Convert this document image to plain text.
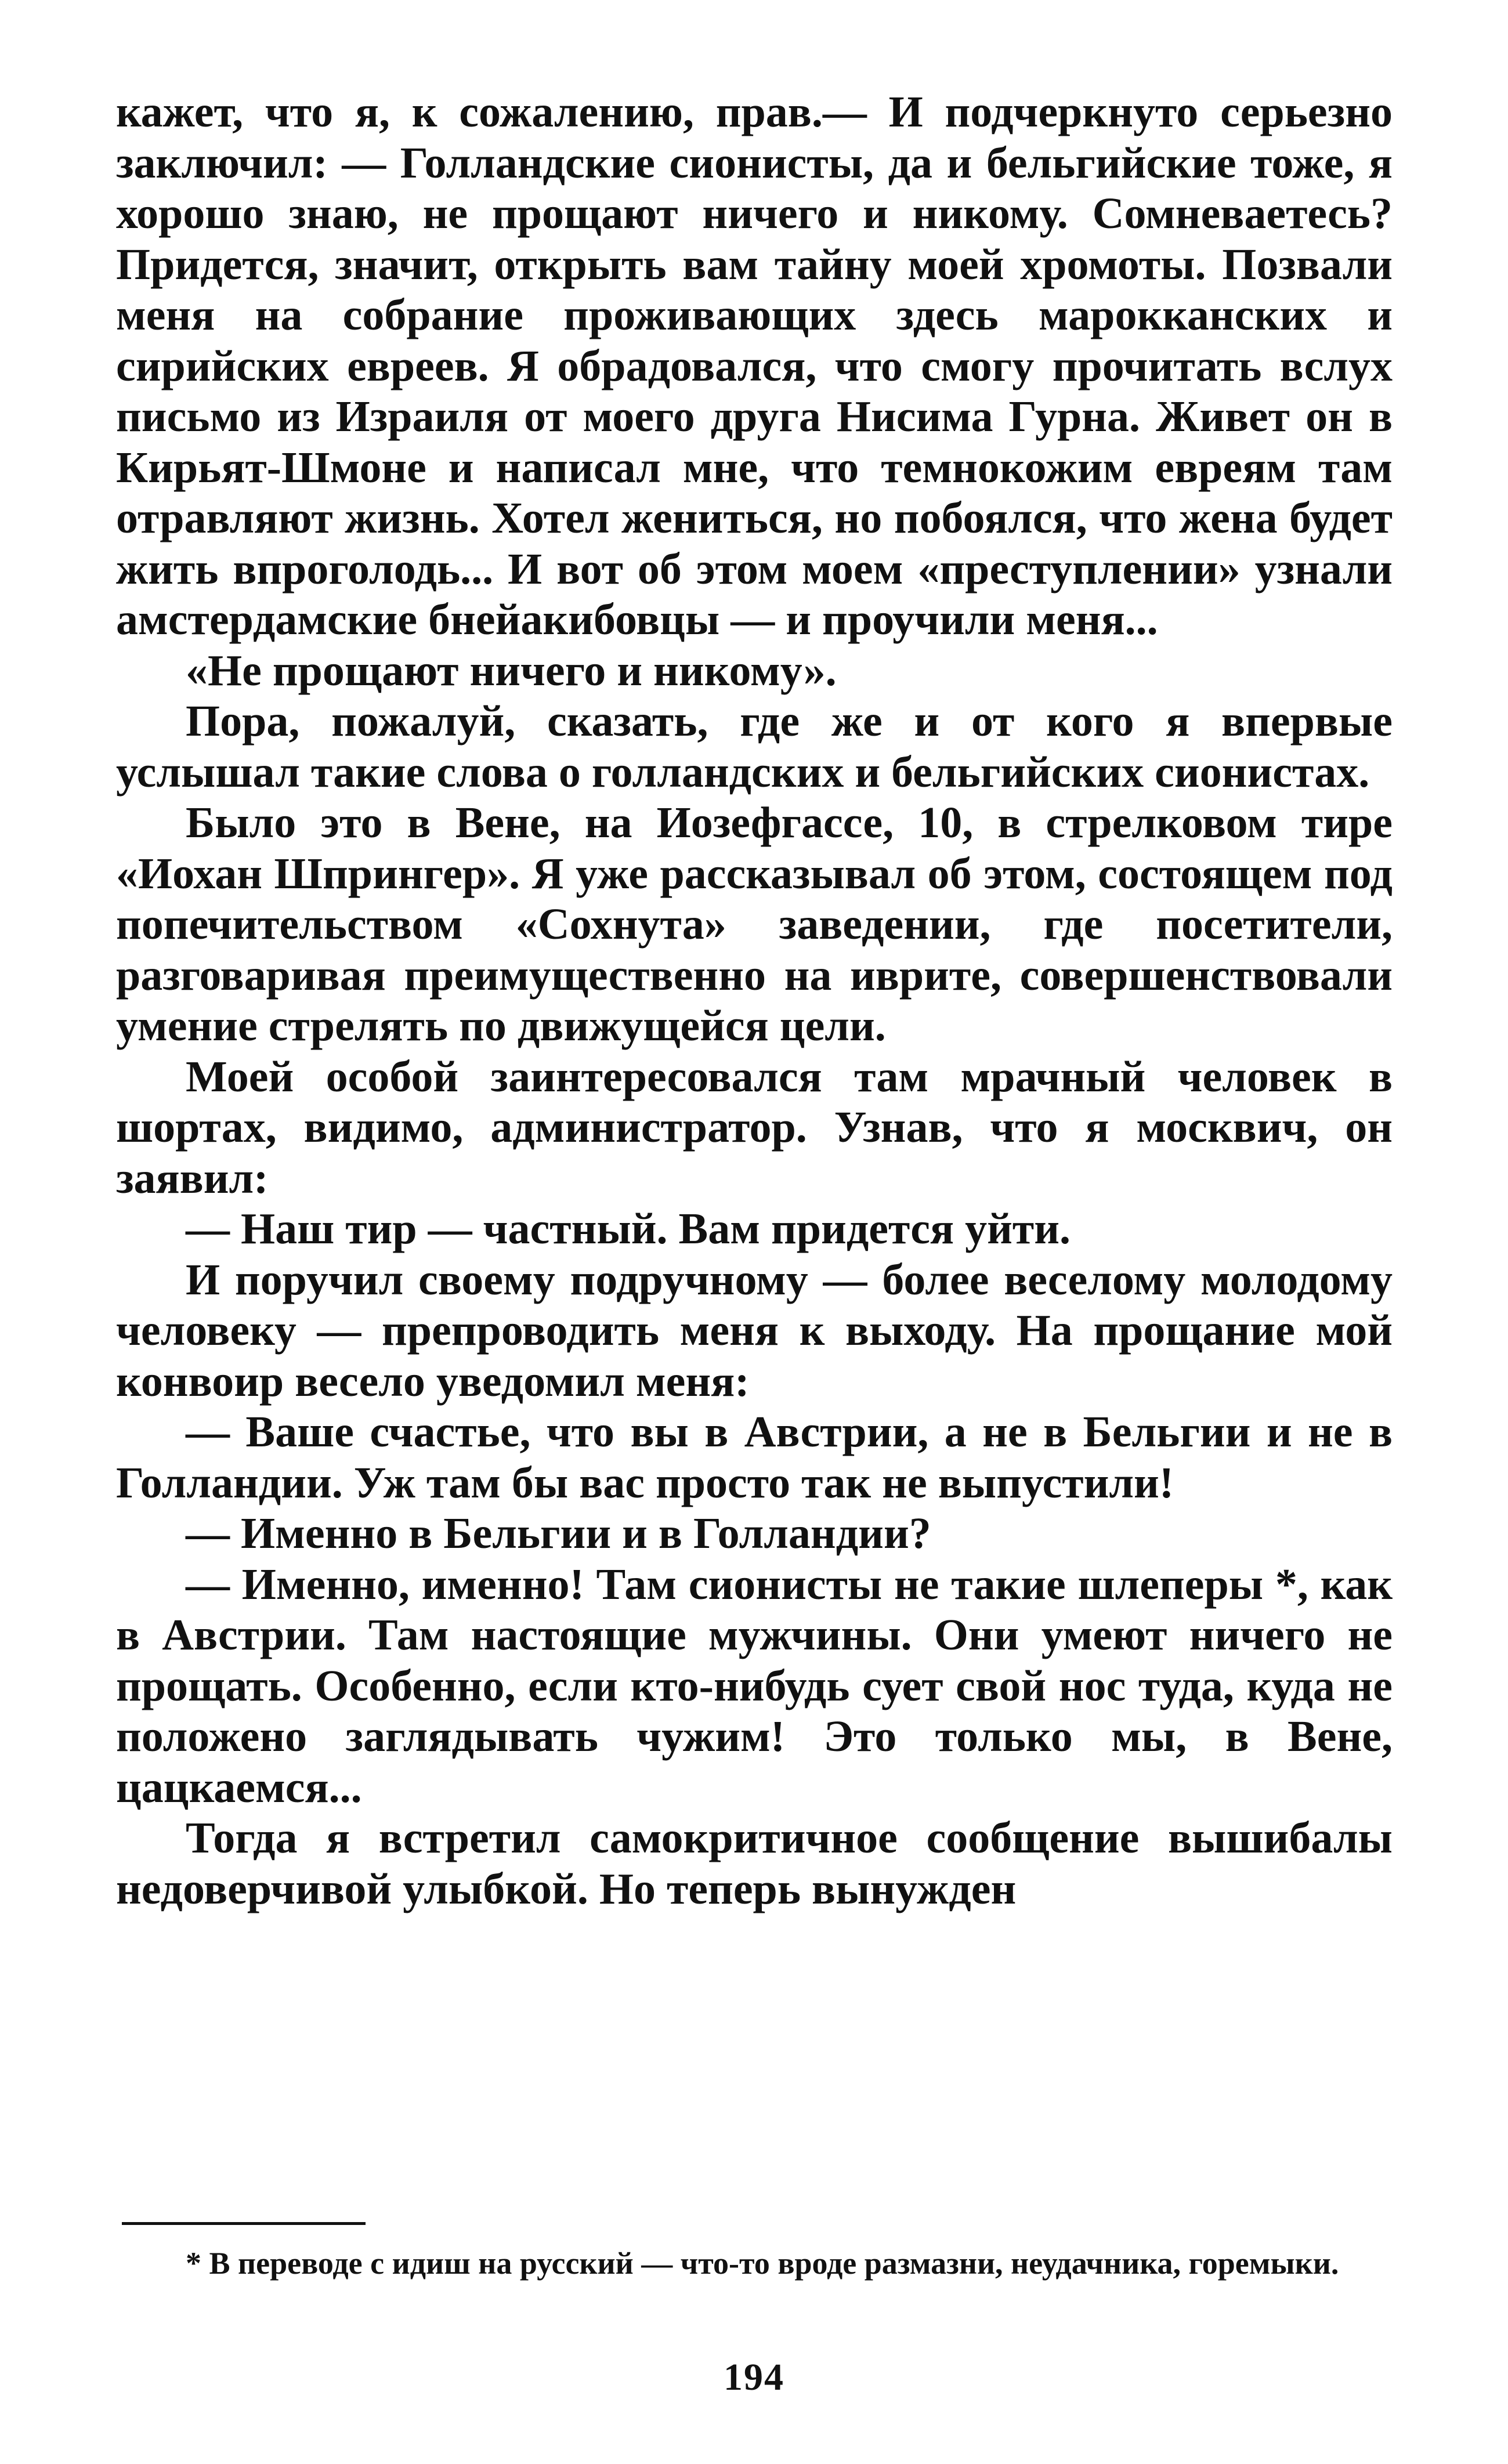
кажет, что я, к сожалению, прав.— И подчеркнуто серьезно заключил: — Голландские сионисты, да и бельгийские тоже, я хорошо знаю, не прощают ничего и никому. Сомневаетесь? Придется, значит, открыть вам тайну моей хромоты. Позвали меня на собрание проживающих здесь марокканских и сирийских евреев. Я обрадовался, что смогу прочитать вслух письмо из Израиля от моего друга Нисима Гурна. Живет он в Кирьят-Шмоне и написал мне, что темнокожим евреям там отравляют жизнь. Хотел жениться, но побоялся, что жена будет жить впроголодь... И вот об этом моем «преступлении» узнали амстердамские бнейакибовцы — и проучили меня...

«Не прощают ничего и никому».

Пора, пожалуй, сказать, где же и от кого я впервые услышал такие слова о голландских и бельгийских сионистах.

Было это в Вене, на Иозефгассе, 10, в стрелковом тире «Иохан Шпрингер». Я уже рассказывал об этом, состоящем под попечительством «Сохнута» заведении, где посетители, разговаривая преимущественно на иврите, совершенствовали умение стрелять по движущейся цели.

Моей особой заинтересовался там мрачный человек в шортах, видимо, администратор. Узнав, что я москвич, он заявил:

— Наш тир — частный. Вам придется уйти.

И поручил своему подручному — более веселому молодому человеку — препроводить меня к выходу. На прощание мой конвоир весело уведомил меня:

— Ваше счастье, что вы в Австрии, а не в Бельгии и не в Голландии. Уж там бы вас просто так не выпустили!

— Именно в Бельгии и в Голландии?

— Именно, именно! Там сионисты не такие шлеперы *, как в Австрии. Там настоящие мужчины. Они умеют ничего не прощать. Особенно, если кто-нибудь сует свой нос туда, куда не положено заглядывать чужим! Это только мы, в Вене, цацкаемся...

Тогда я встретил самокритичное сообщение вышибалы недоверчивой улыбкой. Но теперь вынужден

* В переводе с идиш на русский — что-то вроде размазни, неудачника, горемыки.
194
